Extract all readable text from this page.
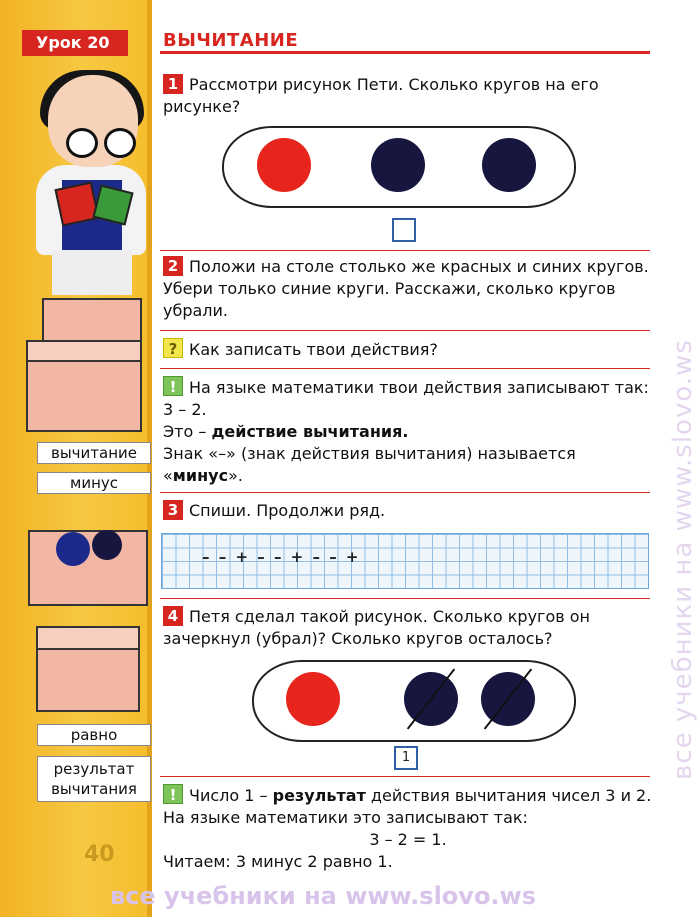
вычитание
минус
равно
результат вычитания
40
Урок 20	ВЫЧИТАНИЕ
1 Рассмотри рисунок Пети. Сколько кругов на его рисунке?
2 Положи на столе столько же красных и синих кругов. Убери только синие круги. Расскажи, сколько кругов убрали.
? Как записать твои действия?
! На языке математики твои действия записывают так: 3 – 2.
Это – действие вычитания.
Знак «–» (знак действия вычитания) называется «минус».
3 Спиши. Продолжи ряд.
– – + – – + – – +
4 Петя сделал такой рисунок. Сколько кругов он зачеркнул (убрал)? Сколько кругов осталось?
1
! Число 1 – результат действия вычитания чисел 3 и 2. На языке математики это записывают так:

3 – 2 = 1.
Читаем: 3 минус 2 равно 1.
все учебники на www.slovo.ws
все учебники на www.slovo.ws
